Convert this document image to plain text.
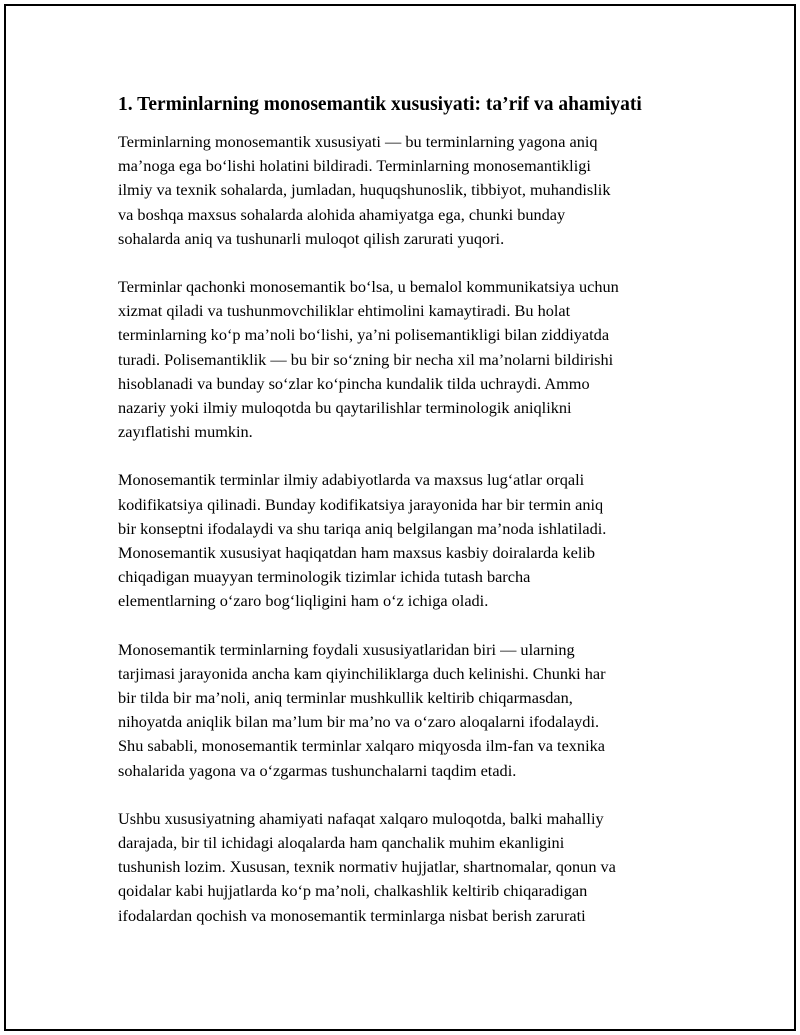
1. Terminlarning monosemantik xususiyati: ta’rif va ahamiyati

Terminlarning monosemantik xususiyati — bu terminlarning yagona aniq
ma’noga ega bo‘lishi holatini bildiradi. Terminlarning monosemantikligi
ilmiy va texnik sohalarda, jumladan, huquqshunoslik, tibbiyot, muhandislik
va boshqa maxsus sohalarda alohida ahamiyatga ega, chunki bunday
sohalarda aniq va tushunarli muloqot qilish zarurati yuqori.

Terminlar qachonki monosemantik bo‘lsa, u bemalol kommunikatsiya uchun
xizmat qiladi va tushunmovchiliklar ehtimolini kamaytiradi. Bu holat
terminlarning ko‘p ma’noli bo‘lishi, ya’ni polisemantikligi bilan ziddiyatda
turadi. Polisemantiklik — bu bir so‘zning bir necha xil ma’nolarni bildirishi
hisoblanadi va bunday so‘zlar ko‘pincha kundalik tilda uchraydi. Ammo
nazariy yoki ilmiy muloqotda bu qaytarilishlar terminologik aniqlikni
zayıflatishi mumkin.

Monosemantik terminlar ilmiy adabiyotlarda va maxsus lug‘atlar orqali
kodifikatsiya qilinadi. Bunday kodifikatsiya jarayonida har bir termin aniq
bir konseptni ifodalaydi va shu tariqa aniq belgilangan ma’noda ishlatiladi.
Monosemantik xususiyat haqiqatdan ham maxsus kasbiy doiralarda kelib
chiqadigan muayyan terminologik tizimlar ichida tutash barcha
elementlarning o‘zaro bog‘liqligini ham o‘z ichiga oladi.

Monosemantik terminlarning foydali xususiyatlaridan biri — ularning
tarjimasi jarayonida ancha kam qiyinchiliklarga duch kelinishi. Chunki har
bir tilda bir ma’noli, aniq terminlar mushkullik keltirib chiqarmasdan,
nihoyatda aniqlik bilan ma’lum bir ma’no va o‘zaro aloqalarni ifodalaydi.
Shu sababli, monosemantik terminlar xalqaro miqyosda ilm-fan va texnika
sohalarida yagona va o‘zgarmas tushunchalarni taqdim etadi.

Ushbu xususiyatning ahamiyati nafaqat xalqaro muloqotda, balki mahalliy
darajada, bir til ichidagi aloqalarda ham qanchalik muhim ekanligini
tushunish lozim. Xususan, texnik normativ hujjatlar, shartnomalar, qonun va
qoidalar kabi hujjatlarda ko‘p ma’noli, chalkashlik keltirib chiqaradigan
ifodalardan qochish va monosemantik terminlarga nisbat berish zarurati
